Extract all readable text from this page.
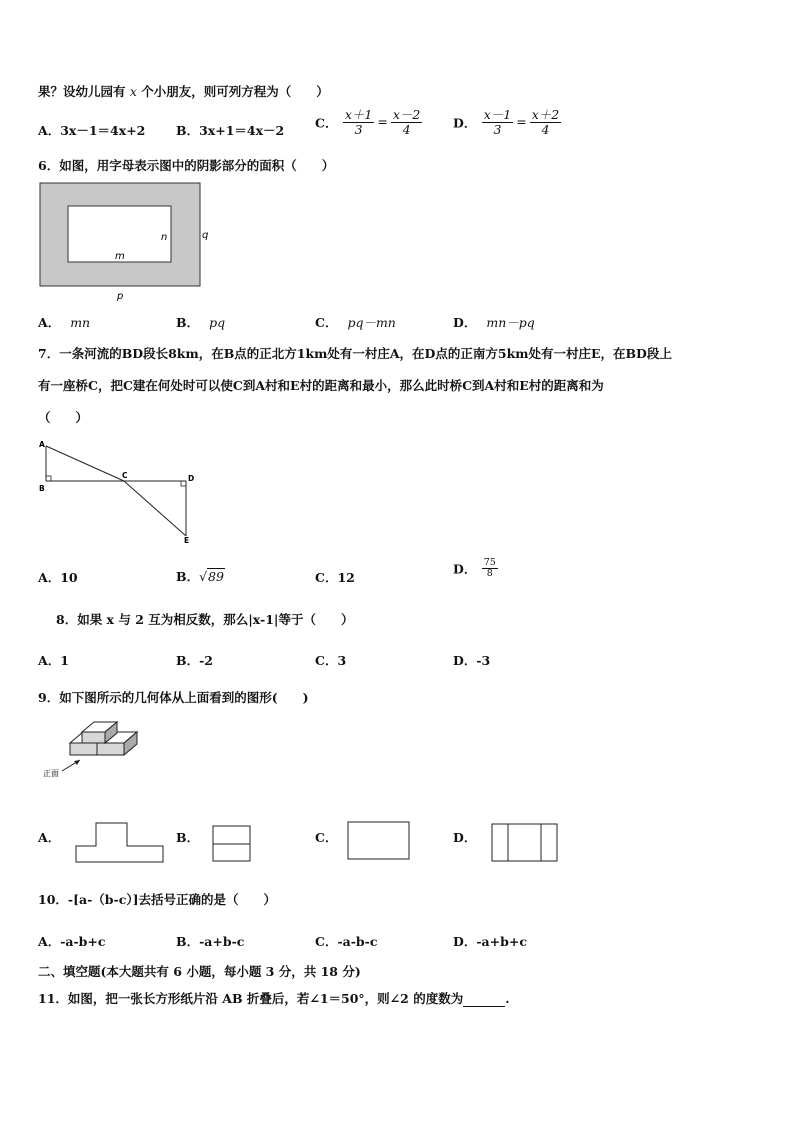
果？设幼儿园有 x 个小朋友，则可列方程为（　　）
A．3x－1＝4x+2 B．3x+1＝4x－2 C． $\frac{x+1}{3} = \frac{x-2}{4}$ D． $\frac{x-1}{3} = \frac{x+2}{4}$
6．如图，用字母表示图中的阴影部分的面积（　　）
n
m
q
p
A． mn	B． pq	C． pq－mn	D． mn－pq
7．一条河流的BD段长8km，在B点的正北方1km处有一村庄A，在D点的正南方5km处有一村庄E，在BD段上
有一座桥C，把C建在何处时可以使C到A村和E村的距离和最小，那么此时桥C到A村和E村的距离和为
（　　）
A
B
C	D
E
A．10	B．√89	C．12
D． $\frac{75}{8}$
8．如果 x 与 2 互为相反数，那么|x-1|等于（　　）
A．1	B．-2	C．3	D．-3
9．如下图所示的几何体从上面看到的图形(　　)
正面
A．	B．	C．	D．
10．-[a-（b-c）]去括号正确的是（　　）
A．-a-b+c	B．-a+b-c	C．-a-b-c	D．-a+b+c
二、填空题(本大题共有 6 小题，每小题 3 分，共 18 分)
11．如图，把一张长方形纸片沿 AB 折叠后，若∠1＝50°，则∠2 的度数为	.
